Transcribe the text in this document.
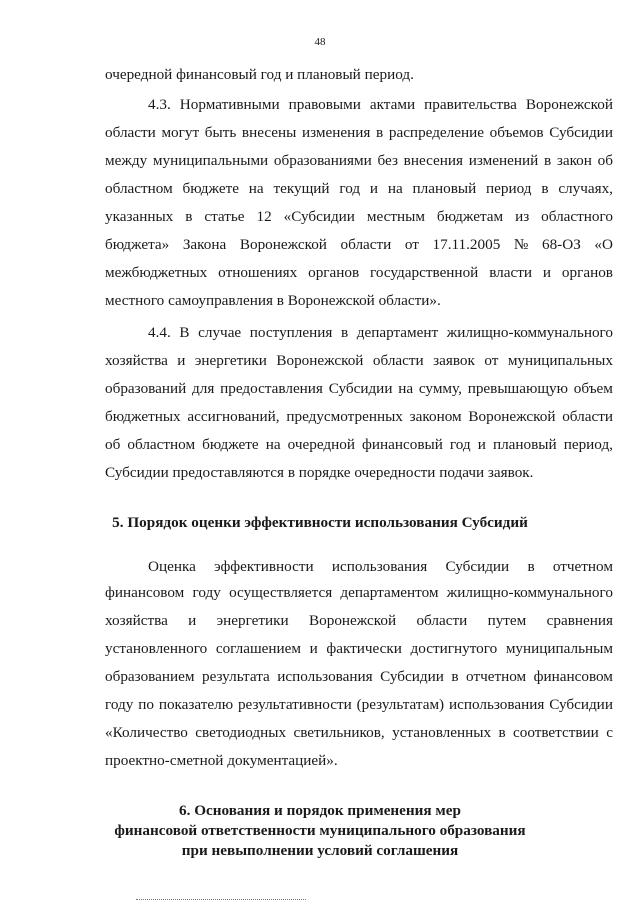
48
очередной финансовый год и плановый период.
4.3. Нормативными правовыми актами правительства Воронежской
области могут быть внесены изменения в распределение объемов Субсидии
между муниципальными образованиями без внесения изменений в закон об
областном бюджете на текущий год и на плановый период в случаях,
указанных в статье 12 «Субсидии местным бюджетам из областного
бюджета» Закона Воронежской области от 17.11.2005 № 68-ОЗ «О
межбюджетных отношениях органов государственной власти и органов
местного самоуправления в Воронежской области».
4.4. В случае поступления в департамент жилищно-коммунального
хозяйства и энергетики Воронежской области заявок от муниципальных
образований для предоставления Субсидии на сумму, превышающую объем
бюджетных ассигнований, предусмотренных законом Воронежской области
об областном бюджете на очередной финансовый год и плановый период,
Субсидии предоставляются в порядке очередности подачи заявок.
5. Порядок оценки эффективности использования Субсидий
Оценка эффективности использования Субсидии в отчетном
финансовом году осуществляется департаментом жилищно-коммунального
хозяйства и энергетики Воронежской области путем сравнения
установленного соглашением и фактически достигнутого муниципальным
образованием результата использования Субсидии в отчетном финансовом
году по показателю результативности (результатам) использования Субсидии
«Количество светодиодных светильников, установленных в соответствии с
проектно-сметной документацией».
6. Основания и порядок применения мер
финансовой ответственности муниципального образования
при невыполнении условий соглашения
